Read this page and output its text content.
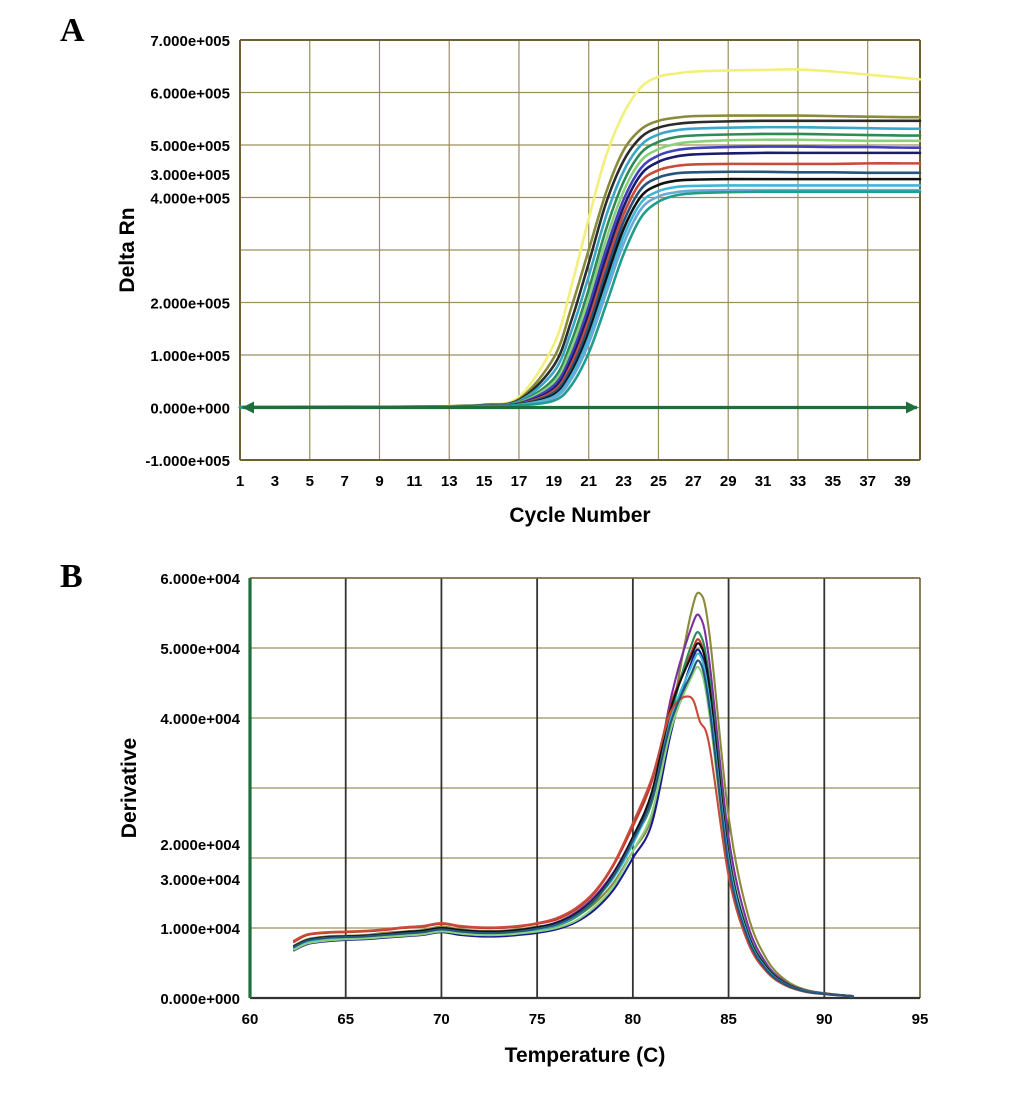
A	7.000e+005
6.000e+005
5.000e+005
3.000e+005
4.000e+005
2.000e+005
1.000e+005
0.000e+000
-1.000e+005
1 3 5 7 9 11 13 15 17 19 21 23 25 27 29 31 33 35 37 39
Cycle Number
Delta Rn
B	6.000e+004
5.000e+004
4.000e+004
2.000e+004
3.000e+004
1.000e+004
0.000e+000
60	65	70	75	80	85	90	95
Temperature (C)
Derivative
